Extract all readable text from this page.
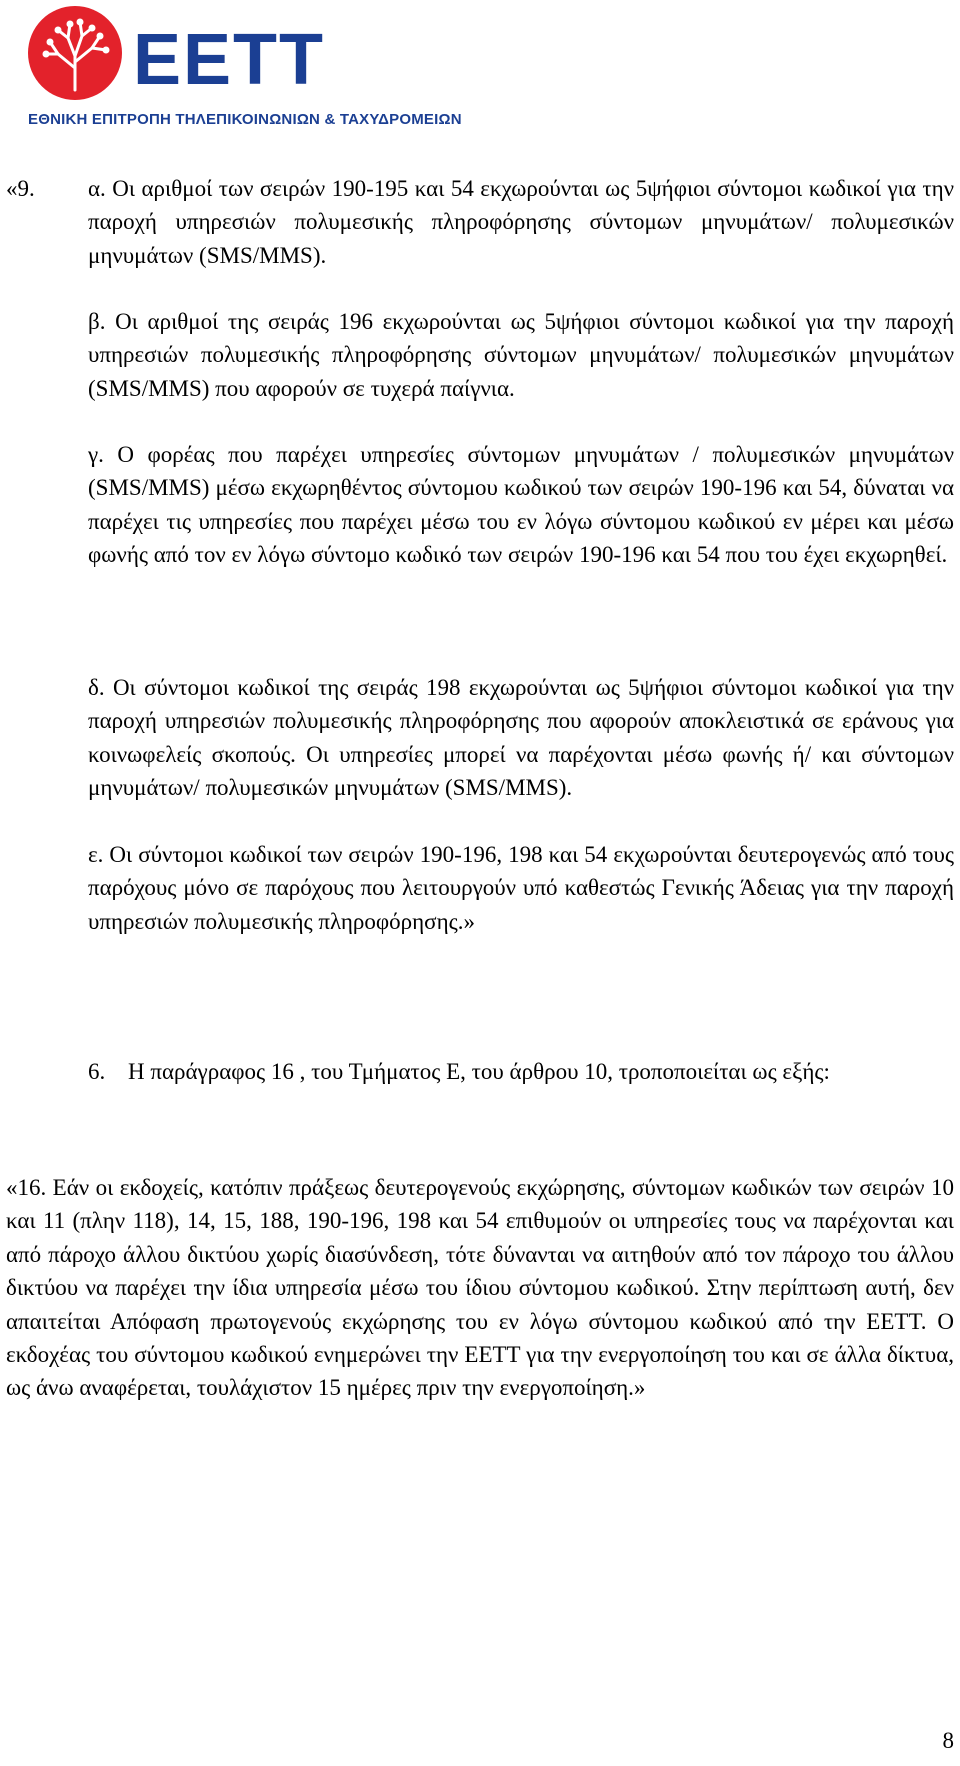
EETT
ΕΘΝΙΚΗ ΕΠΙΤΡΟΠΗ ΤΗΛΕΠΙΚΟΙΝΩΝΙΩΝ & ΤΑΧΥΔΡΟΜΕΙΩΝ
«9. α. Οι αριθμοί των σειρών 190-195 και 54 εκχωρούνται ως 5ψήφιοι σύντομοι κωδικοί για την παροχή υπηρεσιών πολυμεσικής πληροφόρησης σύντομων μηνυμάτων/ πολυμεσικών μηνυμάτων (SMS/MMS).

β. Οι αριθμοί της σειράς 196 εκχωρούνται ως 5ψήφιοι σύντομοι κωδικοί για την παροχή υπηρεσιών πολυμεσικής πληροφόρησης σύντομων μηνυμάτων/ πολυμεσικών μηνυμάτων (SMS/MMS) που αφορούν σε τυχερά παίγνια.

γ. Ο φορέας που παρέχει υπηρεσίες σύντομων μηνυμάτων / πολυμεσικών μηνυμάτων (SMS/MMS) μέσω εκχωρηθέντος σύντομου κωδικού των σειρών 190-196 και 54, δύναται να παρέχει τις υπηρεσίες που παρέχει μέσω του εν λόγω σύντομου κωδικού εν μέρει και μέσω φωνής από τον εν λόγω σύντομο κωδικό των σειρών 190-196 και 54 που του έχει εκχωρηθεί.

δ. Οι σύντομοι κωδικοί της σειράς 198 εκχωρούνται ως 5ψήφιοι σύντομοι κωδικοί για την παροχή υπηρεσιών πολυμεσικής πληροφόρησης που αφορούν αποκλειστικά σε εράνους για κοινωφελείς σκοπούς. Οι υπηρεσίες μπορεί να παρέχονται μέσω φωνής ή/ και σύντομων μηνυμάτων/ πολυμεσικών μηνυμάτων (SMS/MMS).

ε. Οι σύντομοι κωδικοί των σειρών 190-196, 198 και 54 εκχωρούνται δευτερογενώς από τους παρόχους μόνο σε παρόχους που λειτουργούν υπό καθεστώς Γενικής Άδειας για την παροχή υπηρεσιών πολυμεσικής πληροφόρησης.»

6. Η παράγραφος 16 , του Τμήματος Ε, του άρθρου 10, τροποποιείται ως εξής:

«16. Εάν οι εκδοχείς, κατόπιν πράξεως δευτερογενούς εκχώρησης, σύντομων κωδικών των σειρών 10 και 11 (πλην 118), 14, 15, 188, 190-196, 198 και 54 επιθυμούν οι υπηρεσίες τους να παρέχονται και από πάροχο άλλου δικτύου χωρίς διασύνδεση, τότε δύνανται να αιτηθούν από τον πάροχο του άλλου δικτύου να παρέχει την ίδια υπηρεσία μέσω του ίδιου σύντομου κωδικού. Στην περίπτωση αυτή, δεν απαιτείται Απόφαση πρωτογενούς εκχώρησης του εν λόγω σύντομου κωδικού από την ΕΕΤΤ. Ο εκδοχέας του σύντομου κωδικού ενημερώνει την ΕΕΤΤ για την ενεργοποίηση του και σε άλλα δίκτυα, ως άνω αναφέρεται, τουλάχιστον 15 ημέρες πριν την ενεργοποίηση.»

8
